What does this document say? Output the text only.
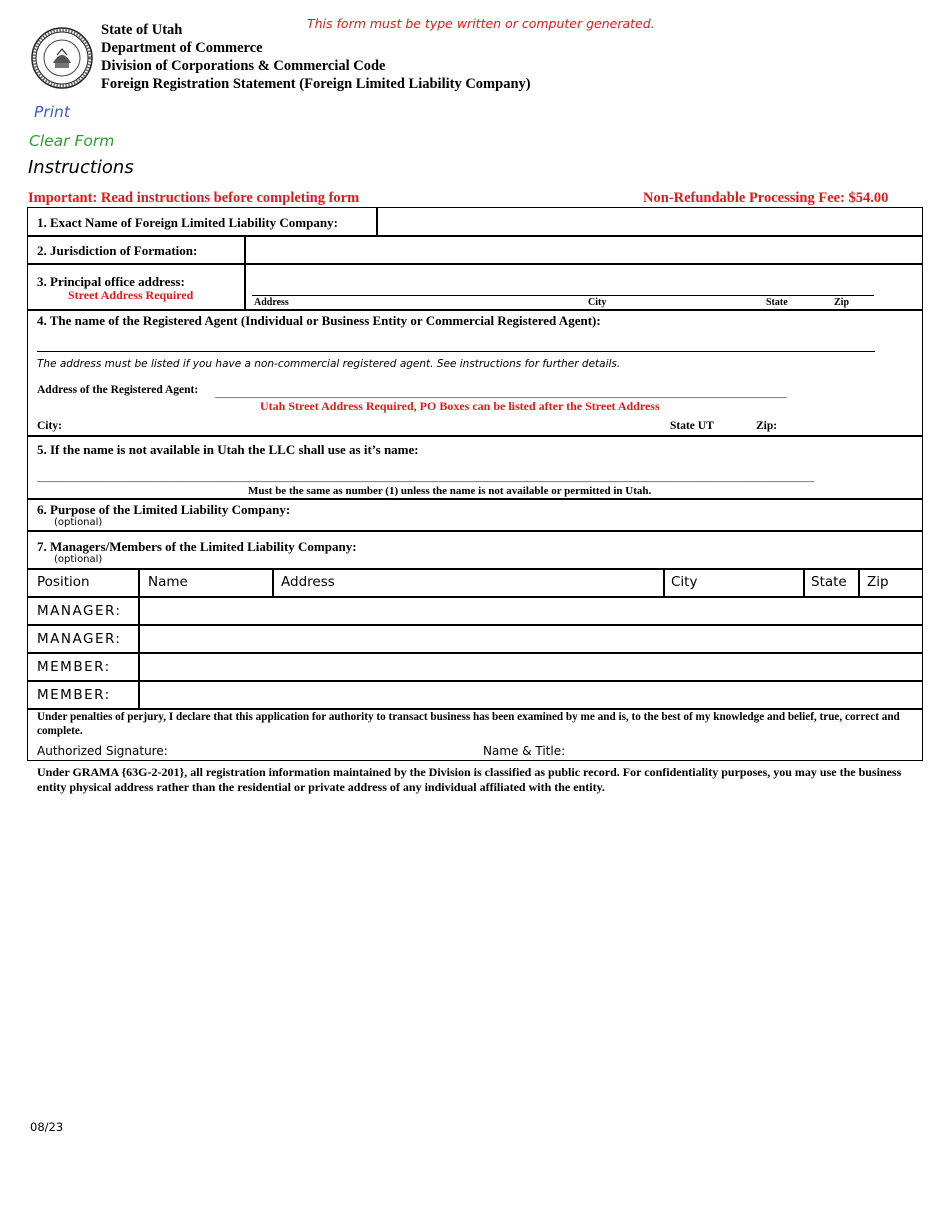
State of Utah
Department of Commerce
Division of Corporations & Commercial Code
Foreign Registration Statement (Foreign Limited Liability Company)
This form must be type written or computer generated.
Print
Clear Form
Instructions
Important: Read instructions before completing form	Non-Refundable Processing Fee: $54.00
1. Exact Name of Foreign Limited Liability Company:
2. Jurisdiction of Formation:
3. Principal office address:
Street Address Required
Address	City	State	Zip
4. The name of the Registered Agent (Individual or Business Entity or Commercial Registered Agent):
The address must be listed if you have a non-commercial registered agent. See instructions for further details.
Address of the Registered Agent: ______________________________________________________________________________
Utah Street Address Required, PO Boxes can be listed after the Street Address
City:	State UT	Zip:
5. If the name is not available in Utah the LLC shall use as it’s name:
__________________________________________________________________________________________________________
Must be the same as number (1) unless the name is not available or permitted in Utah.
6. Purpose of the Limited Liability Company:
(optional)
7. Managers/Members of the Limited Liability Company:
(optional)
Position	Name	Address	City	State Zip
MANAGER:
MANAGER:
MEMBER:
MEMBER:
Under penalties of perjury, I declare that this application for authority to transact business has been examined by me and is, to the best of my knowledge and belief, true, correct and complete.
Authorized Signature:	Name & Title:
Under GRAMA {63G-2-201}, all registration information maintained by the Division is classified as public record. For confidentiality purposes, you may use the business entity physical address rather than the residential or private address of any individual affiliated with the entity.
08/23
